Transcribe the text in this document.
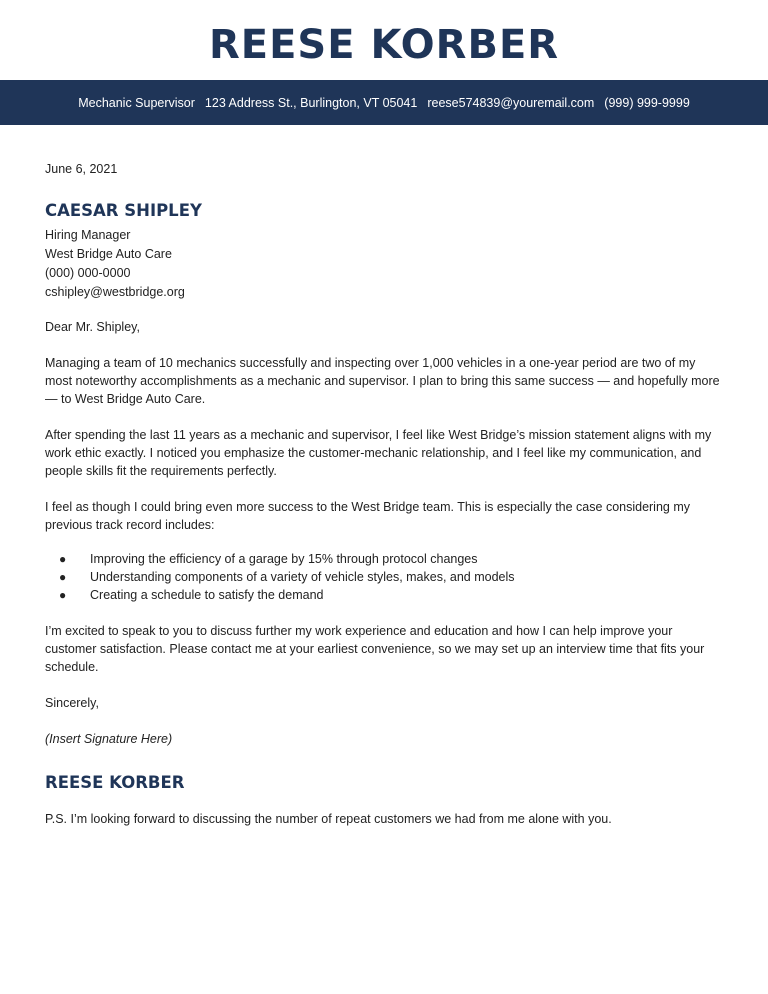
REESE KORBER
Mechanic Supervisor 123 Address St., Burlington, VT 05041 reese574839@youremail.com (999) 999-9999
June 6, 2021
CAESAR SHIPLEY
Hiring Manager
West Bridge Auto Care
(000) 000-0000
cshipley@westbridge.org
Dear Mr. Shipley,

Managing a team of 10 mechanics successfully and inspecting over 1,000 vehicles in a one-year period are two of my most noteworthy accomplishments as a mechanic and supervisor. I plan to bring this same success — and hopefully more — to West Bridge Auto Care.

After spending the last 11 years as a mechanic and supervisor, I feel like West Bridge’s mission statement aligns with my work ethic exactly. I noticed you emphasize the customer-mechanic relationship, and I feel like my communication, and people skills fit the requirements perfectly.

I feel as though I could bring even more success to the West Bridge team. This is especially the case considering my previous track record includes:

● Improving the efficiency of a garage by 15% through protocol changes
● Understanding components of a variety of vehicle styles, makes, and models
● Creating a schedule to satisfy the demand

I’m excited to speak to you to discuss further my work experience and education and how I can help improve your customer satisfaction. Please contact me at your earliest convenience, so we may set up an interview time that fits your schedule.

Sincerely,
(Insert Signature Here)
REESE KORBER
P.S. I’m looking forward to discussing the number of repeat customers we had from me alone with you.
